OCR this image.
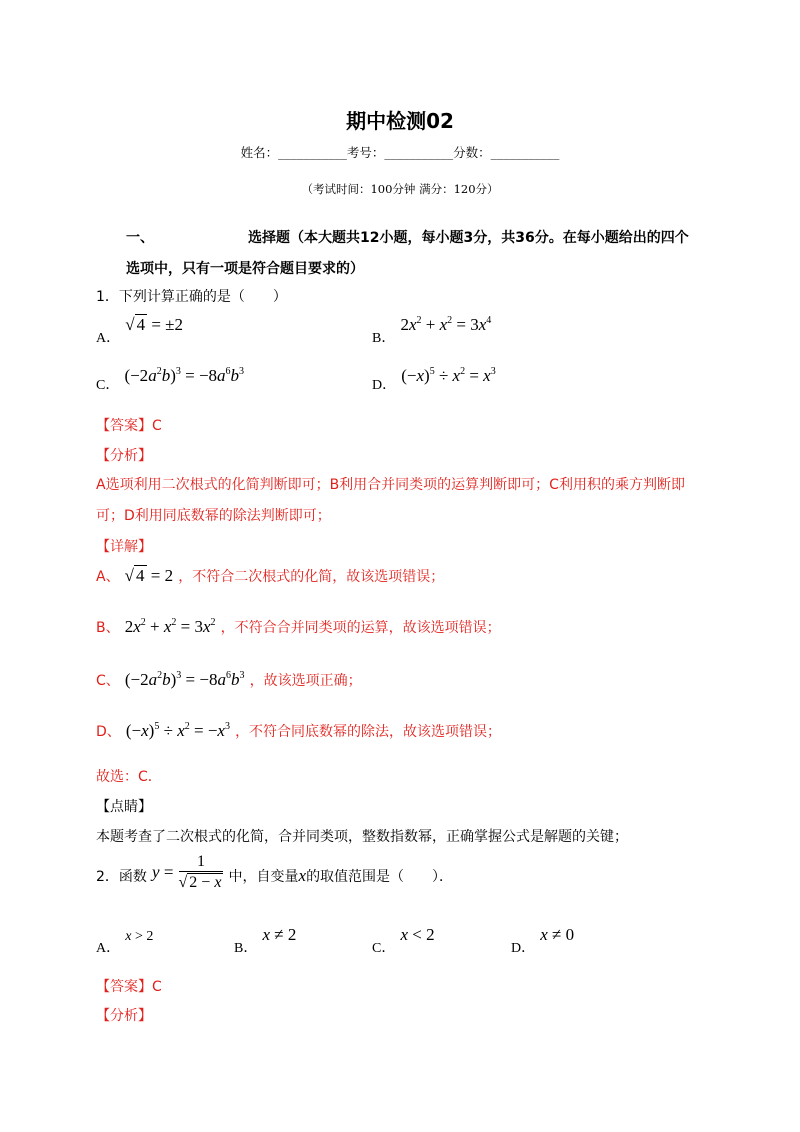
期中检测02
姓名：___________考号：___________分数：___________
（考试时间：100分钟 满分：120分）
一、	选择题（本大题共12小题，每小题3分，共36分。在每小题给出的四个
选项中，只有一项是符合题目要求的）
1．下列计算正确的是（　　）
A． √ 4 = ±2
B． $2x^2 + x^2 = 3x^4$
C． $(-2a^2b)^3 = -8a^6b^3$
D． $(-x)^5 \div x^2 = x^3$
【答案】C
【分析】
A选项利用二次根式的化简判断即可；B利用合并同类项的运算判断即可；C利用积的乘方判断即
可；D利用同底数幂的除法判断即可；
【详解】
A、 √ 4 = 2 ，不符合二次根式的化简，故该选项错误；
B、 $2x^2 + x^2 = 3x^2$ ，不符合合并同类项的运算，故该选项错误；
C、 $(-2a^2b)^3 = -8a^6b^3$ ，故该选项正确；
D、 $(-x)^5 \div x^2 = -x^3$ ，不符合同底数幂的除法，故该选项错误；
故选：C．
【点睛】
本题考查了二次根式的化简，合并同类项，整数指数幂，正确掌握公式是解题的关键；
2．函数 $y = \frac{1}{√ 2 - x}$ 中，自变量x的取值范围是（　　）．
A． x > 2
B． x ≠ 2
C． x < 2
D． x ≠ 0
【答案】C
【分析】
